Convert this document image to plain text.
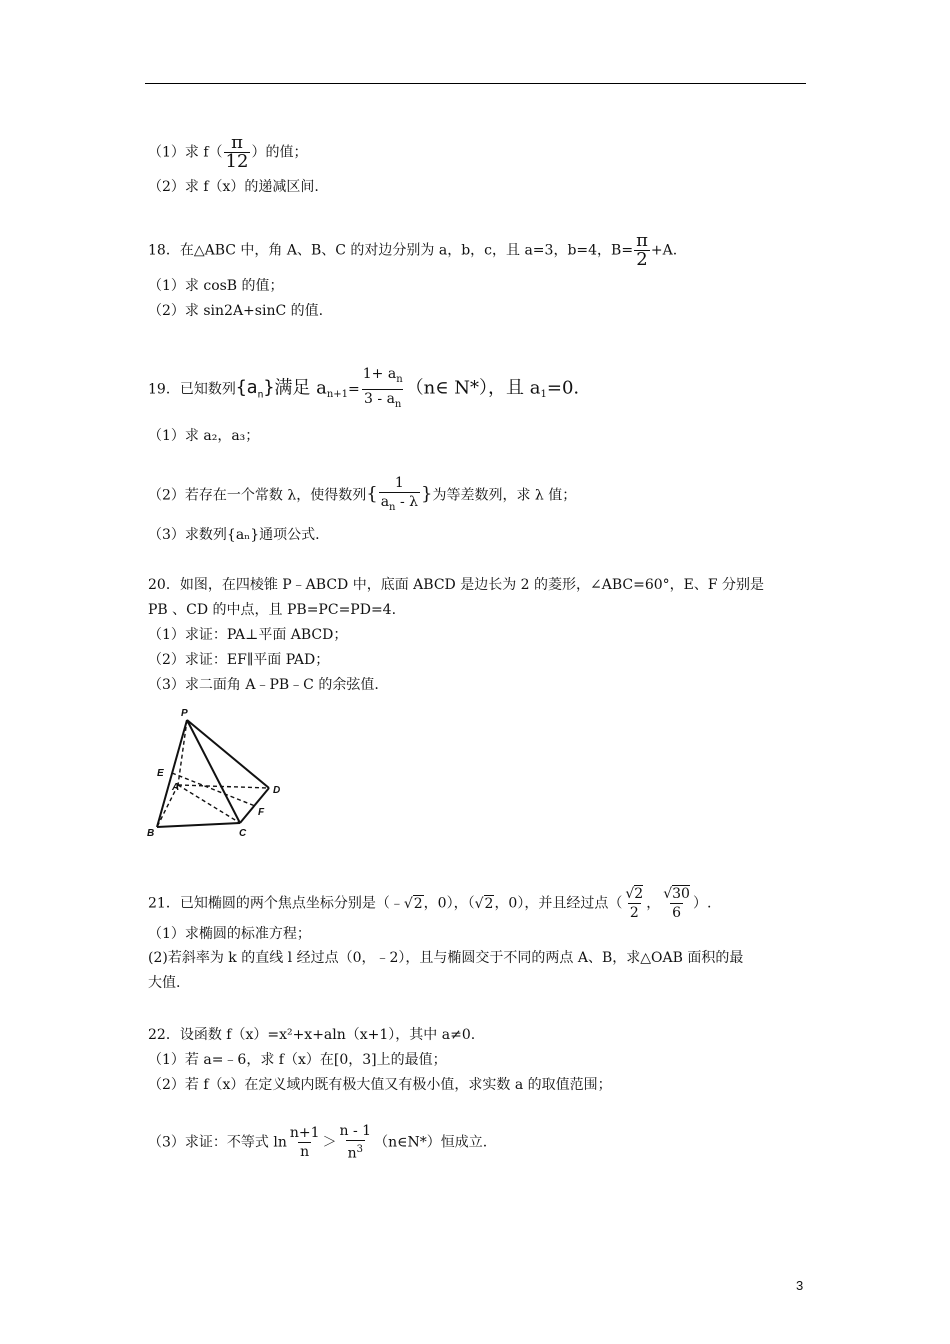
（1）求 $f( \frac{\pi}{12}$ ）的值；
（2）求 f（x）的递减区间.
18．在△ABC 中，角 A、B、C 的对边分别为 a，b，c，且 a=3，b=4，$B= \frac{\pi}{2} +A$.
（1）求 cosB 的值；
（2）求 sin2A+sinC 的值.
19．已知数列$\{a_n\}$满足 $a_{n+1}= \frac{1+ a_n}{3 - a_n}$ （n∈ N*），且 $a_1=0$.
（1）求 a₂，a₃；
（2）若存在一个常数 λ，使得数列{ $\frac{1}{a_n - \lambda}$ }为等差数列，求 λ 值；
（3）求数列{aₙ}通项公式.
20．如图，在四棱锥 P﹣ABCD 中，底面 ABCD 是边长为 2 的菱形，∠ABC=60°，E、F 分别是
PB 、CD 的中点，且 PB=PC=PD=4.
（1）求证：PA⊥平面 ABCD；
（2）求证：EF∥平面 PAD；
（3）求二面角 A﹣PB﹣C 的余弦值.
P
E
A	D
B	C
F
21．已知椭圆的两个焦点坐标分别是（﹣√2，0），（√2，0），并且经过点（ $\frac{√2}{2}$ ， $\frac{√30}{6}$ ）.
（1）求椭圆的标准方程；
(2)若斜率为 k 的直线 l 经过点（0，﹣2），且与椭圆交于不同的两点 A、B，求△OAB 面积的最
大值.
22．设函数 f（x）=x²+x+aln（x+1），其中 a≠0.
（1）若 a=﹣6，求 f（x）在[0，3]上的最值；
（2）若 f（x）在定义域内既有极大值又有极小值，求实数 a 的取值范围；
（3）求证：不等式 $\ln \frac{n+1}{n} > \frac{n - 1}{n^3}$ （n∈N*）恒成立.
3
